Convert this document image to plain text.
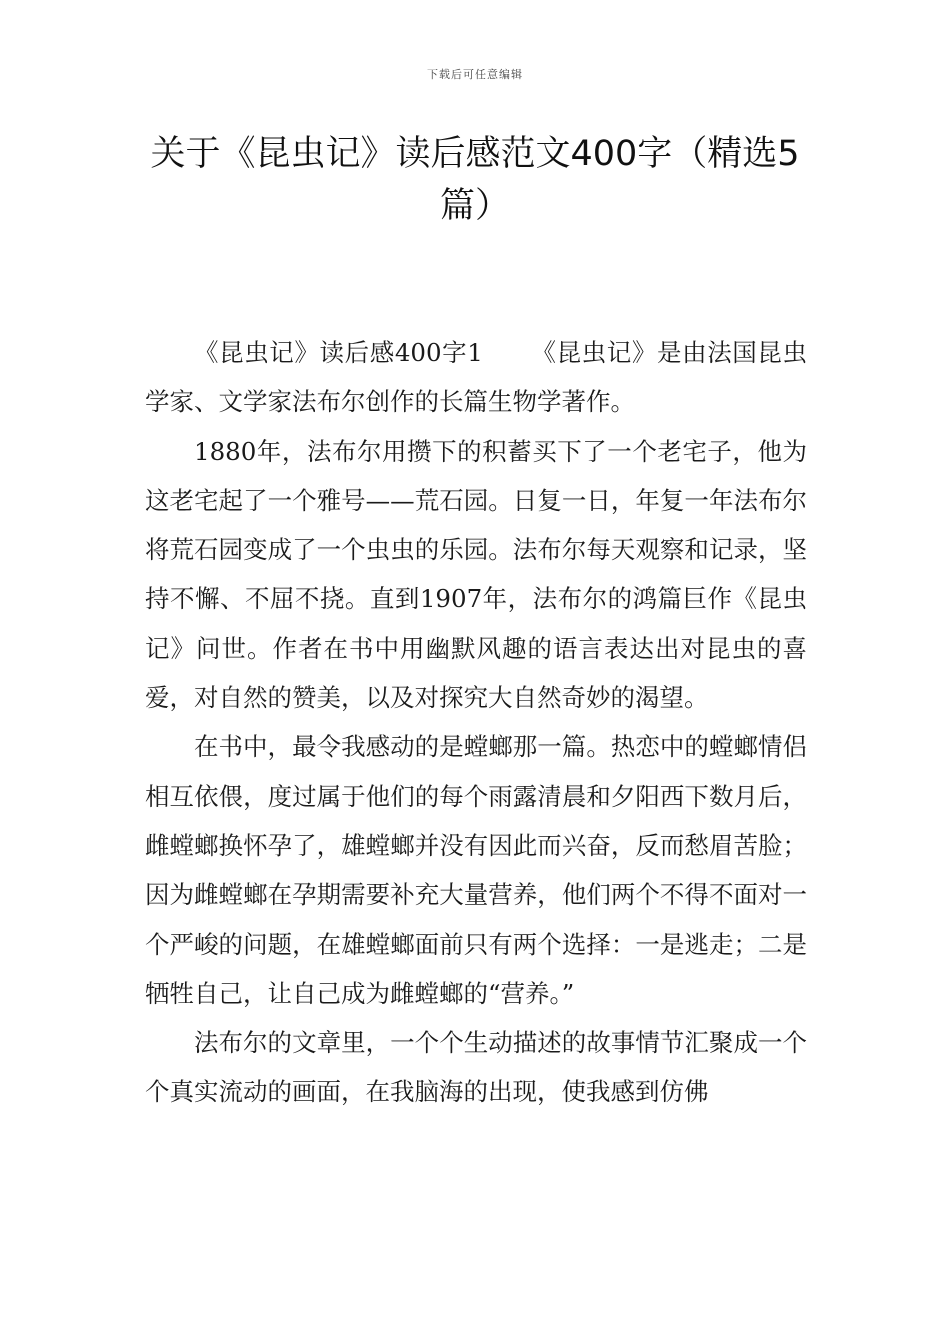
下载后可任意编辑
关于《昆虫记》读后感范文400字（精选5篇）

《昆虫记》读后感400字1 《昆虫记》是由法国昆虫学家、文学家法布尔创作的长篇生物学著作。

1880年，法布尔用攒下的积蓄买下了一个老宅子，他为这老宅起了一个雅号——荒石园。日复一日，年复一年法布尔将荒石园变成了一个虫虫的乐园。法布尔每天观察和记录，坚持不懈、不屈不挠。直到1907年，法布尔的鸿篇巨作《昆虫记》问世。作者在书中用幽默风趣的语言表达出对昆虫的喜爱，对自然的赞美，以及对探究大自然奇妙的渴望。

在书中，最令我感动的是螳螂那一篇。热恋中的螳螂情侣相互依偎，度过属于他们的每个雨露清晨和夕阳西下数月后，雌螳螂换怀孕了，雄螳螂并没有因此而兴奋，反而愁眉苦脸；因为雌螳螂在孕期需要补充大量营养，他们两个不得不面对一个严峻的问题，在雄螳螂面前只有两个选择：一是逃走；二是牺牲自己，让自己成为雌螳螂的“营养。”

法布尔的文章里，一个个生动描述的故事情节汇聚成一个个真实流动的画面，在我脑海的出现，使我感到仿佛
